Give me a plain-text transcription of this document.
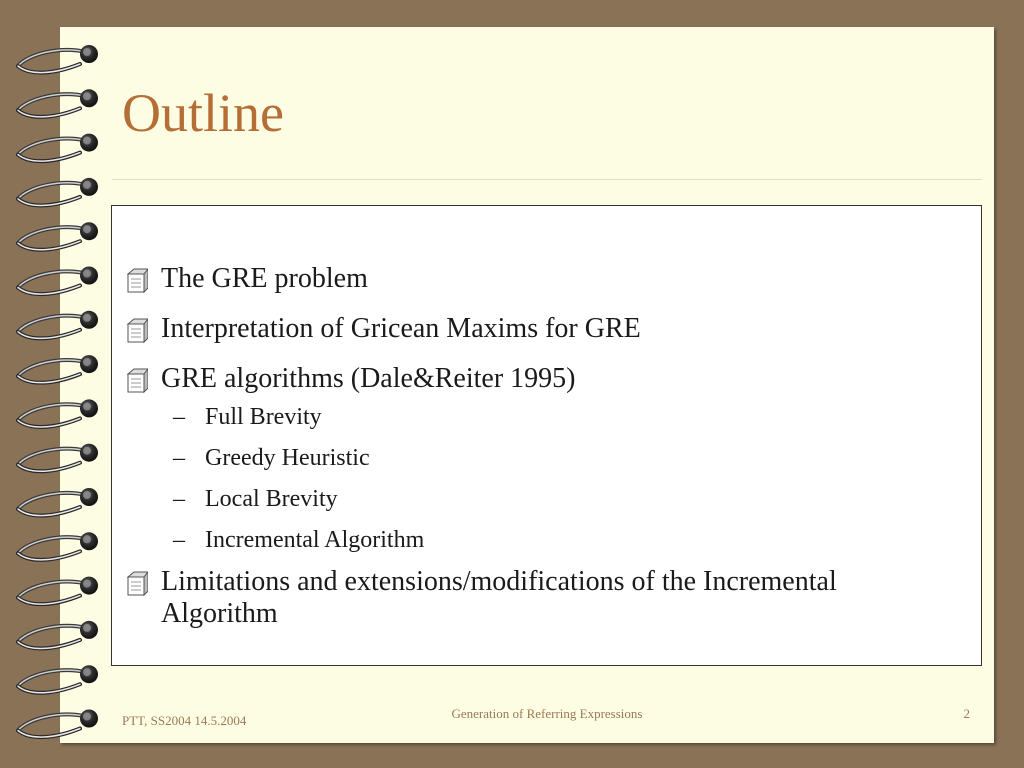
Outline
The GRE problem
Interpretation of Gricean Maxims for GRE
GRE algorithms (Dale&Reiter 1995)
– Full Brevity
– Greedy Heuristic
– Local Brevity
– Incremental Algorithm
Limitations and extensions/modifications of the Incremental Algorithm
PTT, SS2004 14.5.2004	Generation of Referring Expressions	2
